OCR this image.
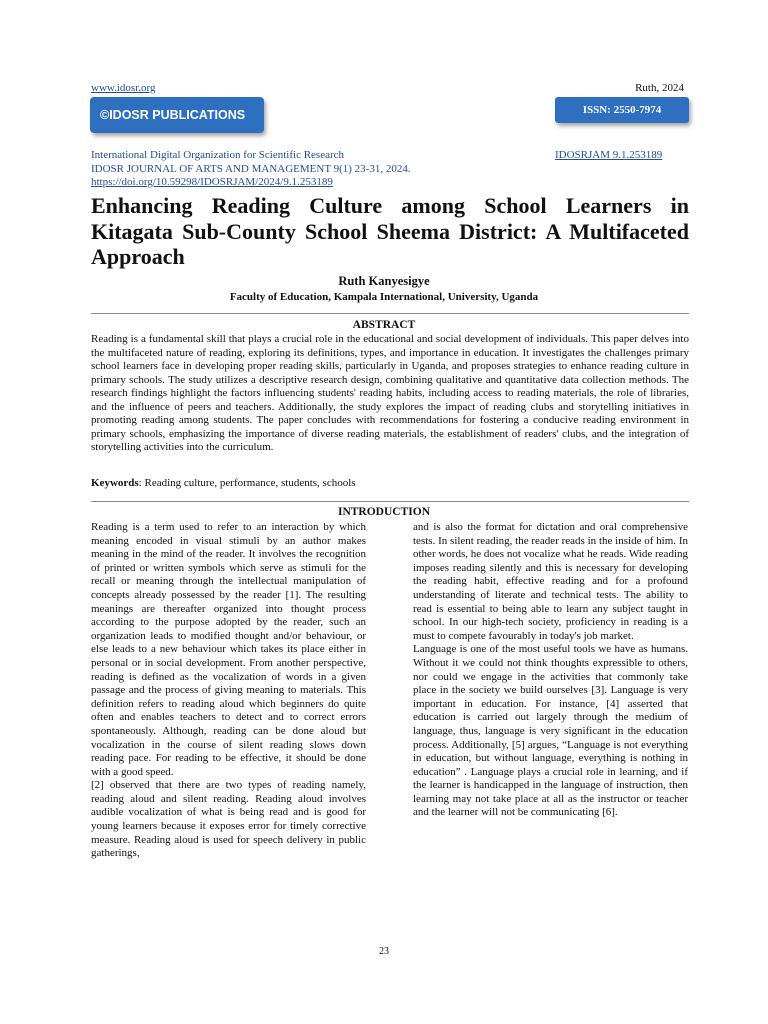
www.idosr.org	Ruth, 2024
©IDOSR PUBLICATIONS	ISSN: 2550-7974
International Digital Organization for Scientific Research
IDOSR JOURNAL OF ARTS AND MANAGEMENT 9(1) 23-31, 2024.
https://doi.org/10.59298/IDOSRJAM/2024/9.1.253189
IDOSRJAM 9.1.253189
Enhancing Reading Culture among School Learners in Kitagata Sub-County School Sheema District: A Multifaceted Approach
Ruth Kanyesigye
Faculty of Education, Kampala International, University, Uganda
ABSTRACT

Reading is a fundamental skill that plays a crucial role in the educational and social development of individuals. This paper delves into the multifaceted nature of reading, exploring its definitions, types, and importance in education. It investigates the challenges primary school learners face in developing proper reading skills, particularly in Uganda, and proposes strategies to enhance reading culture in primary schools. The study utilizes a descriptive research design, combining qualitative and quantitative data collection methods. The research findings highlight the factors influencing students' reading habits, including access to reading materials, the role of libraries, and the influence of peers and teachers. Additionally, the study explores the impact of reading clubs and storytelling initiatives in promoting reading among students. The paper concludes with recommendations for fostering a conducive reading environment in primary schools, emphasizing the importance of diverse reading materials, the establishment of readers' clubs, and the integration of storytelling activities into the curriculum.

Keywords: Reading culture, performance, students, schools
INTRODUCTION

Reading is a term used to refer to an interaction by which meaning encoded in visual stimuli by an author makes meaning in the mind of the reader. It involves the recognition of printed or written symbols which serve as stimuli for the recall or meaning through the intellectual manipulation of concepts already possessed by the reader [1]. The resulting meanings are thereafter organized into thought process according to the purpose adopted by the reader, such an organization leads to modified thought and/or behaviour, or else leads to a new behaviour which takes its place either in personal or in social development. From another perspective, reading is defined as the vocalization of words in a given passage and the process of giving meaning to materials. This definition refers to reading aloud which beginners do quite often and enables teachers to detect and to correct errors spontaneously. Although, reading can be done aloud but vocalization in the course of silent reading slows down reading pace. For reading to be effective, it should be done with a good speed.

[2] observed that there are two types of reading namely, reading aloud and silent reading. Reading aloud involves audible vocalization of what is being read and is good for young learners because it exposes error for timely corrective measure. Reading aloud is used for speech delivery in public gatherings,

and is also the format for dictation and oral comprehensive tests. In silent reading, the reader reads in the inside of him. In other words, he does not vocalize what he reads. Wide reading imposes reading silently and this is necessary for developing the reading habit, effective reading and for a profound understanding of literate and technical tests. The ability to read is essential to being able to learn any subject taught in school. In our high-tech society, proficiency in reading is a must to compete favourably in today's job market.

Language is one of the most useful tools we have as humans. Without it we could not think thoughts expressible to others, nor could we engage in the activities that commonly take place in the society we build ourselves [3]. Language is very important in education. For instance, [4] asserted that education is carried out largely through the medium of language, thus, language is very significant in the education process. Additionally, [5] argues, “Language is not everything in education, but without language, everything is nothing in education” . Language plays a crucial role in learning, and if the learner is handicapped in the language of instruction, then learning may not take place at all as the instructor or teacher and the learner will not be communicating [6].

23
